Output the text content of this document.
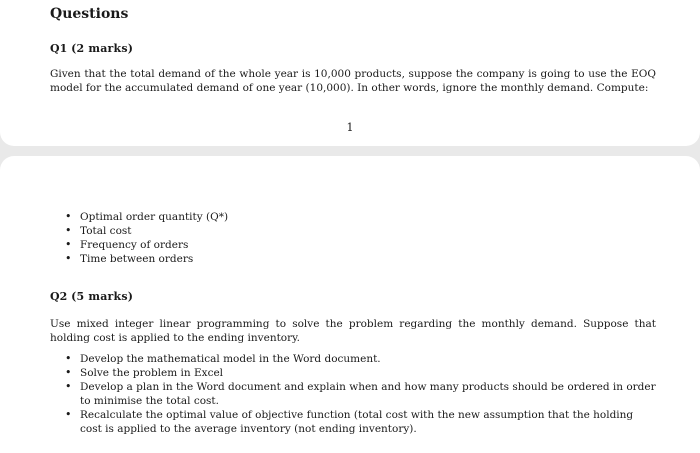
Questions

Q1 (2 marks)

Given that the total demand of the whole year is 10,000 products, suppose the company is going to use the EOQ model for the accumulated demand of one year (10,000). In other words, ignore the monthly demand. Compute:

1
• Optimal order quantity (Q*)
• Total cost
• Frequency of orders
• Time between orders

Q2 (5 marks)

Use mixed integer linear programming to solve the problem regarding the monthly demand. Suppose that holding cost is applied to the ending inventory.

• Develop the mathematical model in the Word document.
• Solve the problem in Excel
• Develop a plan in the Word document and explain when and how many products should be ordered in order to minimise the total cost.
• Recalculate the optimal value of objective function (total cost with the new assumption that the holding cost is applied to the average inventory (not ending inventory).
